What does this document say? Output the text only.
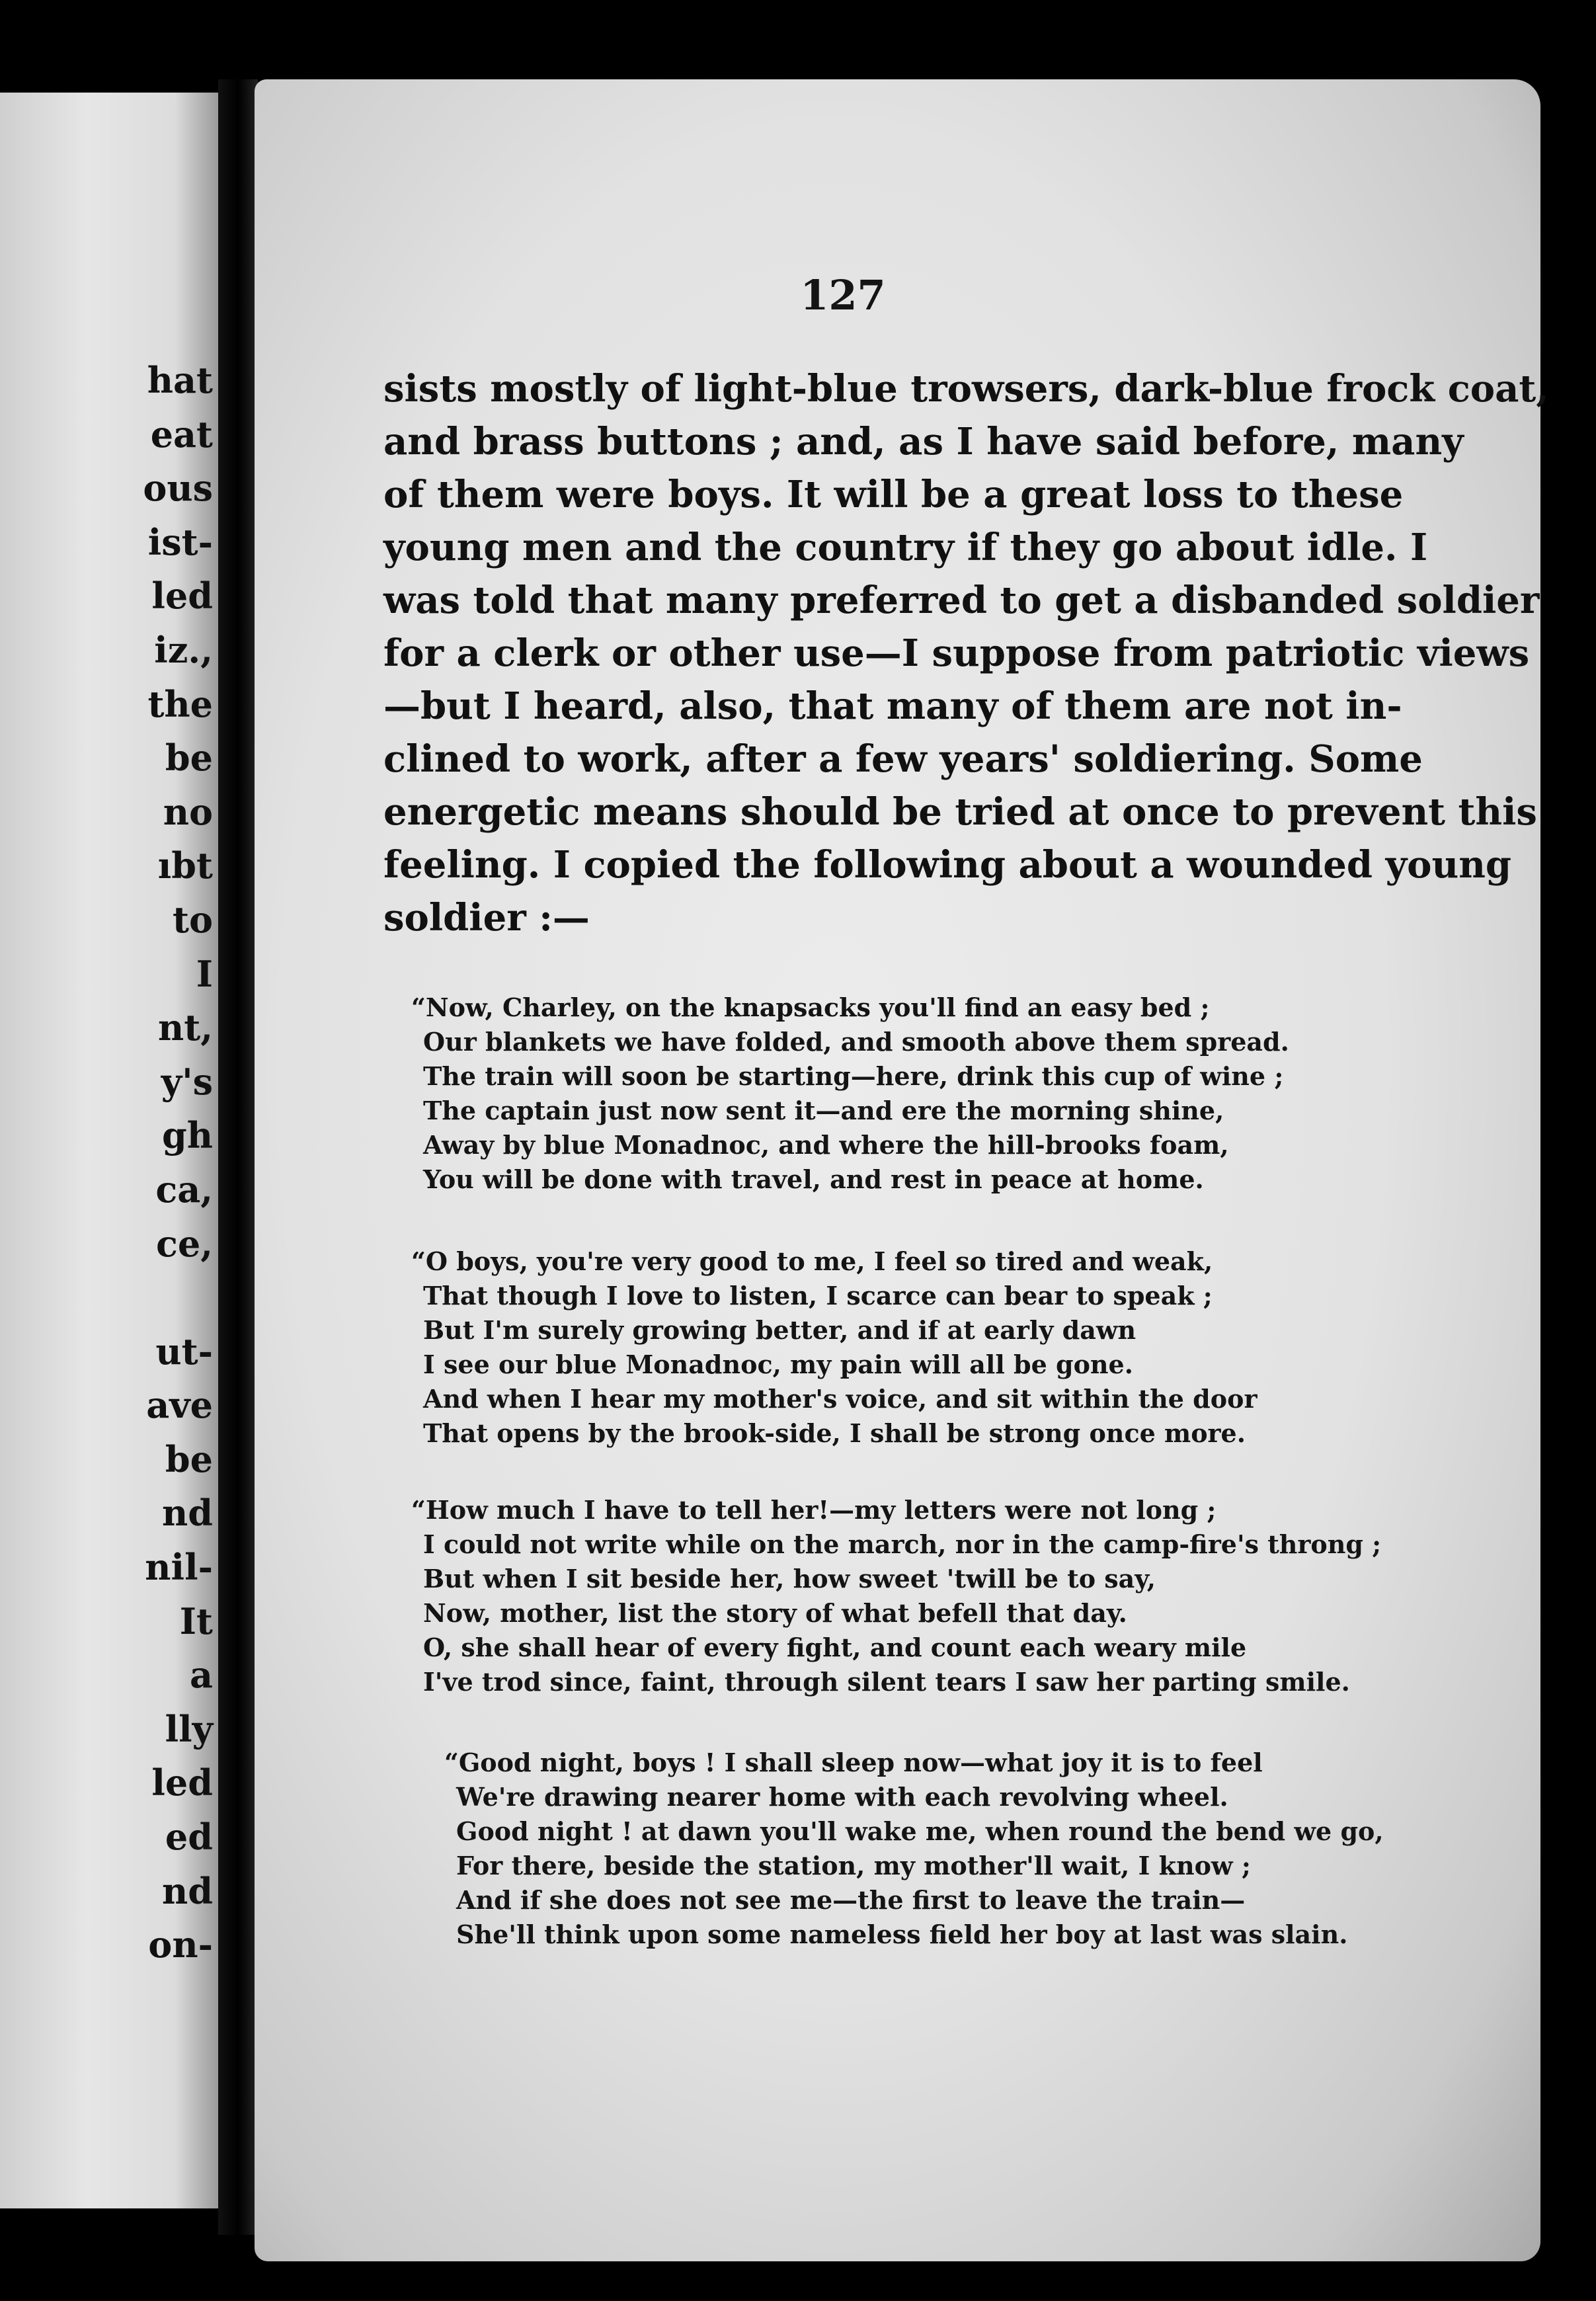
hat
eat
ous
ist-
led
iz.,
the
be
no
ıbt
to
I
nt,
y's
gh
ca,
ce,
ut-
ave
be
nd
nil-
It
a
lly
led
ed
nd
on-

127

sists mostly of light-blue trowsers, dark-blue frock coat,
and brass buttons ; and, as I have said before, many
of them were boys. It will be a great loss to these
young men and the country if they go about idle. I
was told that many preferred to get a disbanded soldier
for a clerk or other use—I suppose from patriotic views
—but I heard, also, that many of them are not in-
clined to work, after a few years' soldiering. Some
energetic means should be tried at once to prevent this
feeling. I copied the following about a wounded young
soldier :—
“Now, Charley, on the knapsacks you'll find an easy bed ;
Our blankets we have folded, and smooth above them spread.
The train will soon be starting—here, drink this cup of wine ;
The captain just now sent it—and ere the morning shine,
Away by blue Monadnoc, and where the hill-brooks foam,
You will be done with travel, and rest in peace at home.
“O boys, you're very good to me, I feel so tired and weak,
That though I love to listen, I scarce can bear to speak ;
But I'm surely growing better, and if at early dawn
I see our blue Monadnoc, my pain will all be gone.
And when I hear my mother's voice, and sit within the door
That opens by the brook-side, I shall be strong once more.
“How much I have to tell her!—my letters were not long ;
I could not write while on the march, nor in the camp-fire's throng ;
But when I sit beside her, how sweet 'twill be to say,
Now, mother, list the story of what befell that day.
O, she shall hear of every fight, and count each weary mile
I've trod since, faint, through silent tears I saw her parting smile.
“Good night, boys ! I shall sleep now—what joy it is to feel
We're drawing nearer home with each revolving wheel.
Good night ! at dawn you'll wake me, when round the bend we go,
For there, beside the station, my mother'll wait, I know ;
And if she does not see me—the first to leave the train—
She'll think upon some nameless field her boy at last was slain.
